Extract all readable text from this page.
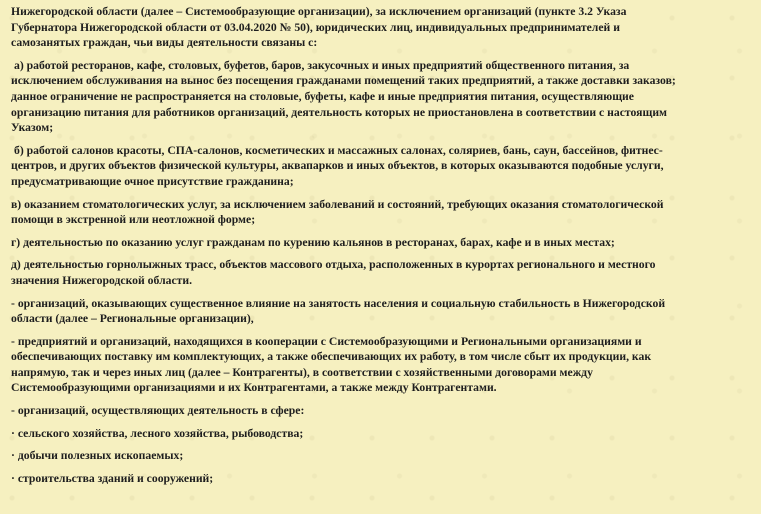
Нижегородской области (далее – Системообразующие организации), за исключением организаций (пункте 3.2 Указа
Губернатора Нижегородской области от 03.04.2020 № 50), юридических лиц, индивидуальных предпринимателей и
самозанятых граждан, чьи виды деятельности связаны с:

а) работой ресторанов, кафе, столовых, буфетов, баров, закусочных и иных предприятий общественного питания, за
исключением обслуживания на вынос без посещения гражданами помещений таких предприятий, а также доставки заказов;
данное ограничение не распространяется на столовые, буфеты, кафе и иные предприятия питания, осуществляющие
организацию питания для работников организаций, деятельность которых не приостановлена в соответствии с настоящим
Указом;

б) работой салонов красоты, СПА-салонов, косметических и массажных салонах, соляриев, бань, саун, бассейнов, фитнес-
центров, и других объектов физической культуры, аквапарков и иных объектов, в которых оказываются подобные услуги,
предусматривающие очное присутствие гражданина;

в) оказанием стоматологических услуг, за исключением заболеваний и состояний, требующих оказания стоматологической
помощи в экстренной или неотложной форме;

г) деятельностью по оказанию услуг гражданам по курению кальянов в ресторанах, барах, кафе и в иных местах;

д) деятельностью горнолыжных трасс, объектов массового отдыха, расположенных в курортах регионального и местного
значения Нижегородской области.

- организаций, оказывающих существенное влияние на занятость населения и социальную стабильность в Нижегородской
области (далее – Региональные организации),

- предприятий и организаций, находящихся в кооперации с Системообразующими и Региональными организациями и
обеспечивающих поставку им комплектующих, а также обеспечивающих их работу, в том числе сбыт их продукции, как
напрямую, так и через иных лиц (далее – Контрагенты), в соответствии с хозяйственными договорами между
Системообразующими организациями и их Контрагентами, а также между Контрагентами.

- организаций, осуществляющих деятельность в сфере:

· сельского хозяйства, лесного хозяйства, рыбоводства;

· добычи полезных ископаемых;

· строительства зданий и сооружений;
